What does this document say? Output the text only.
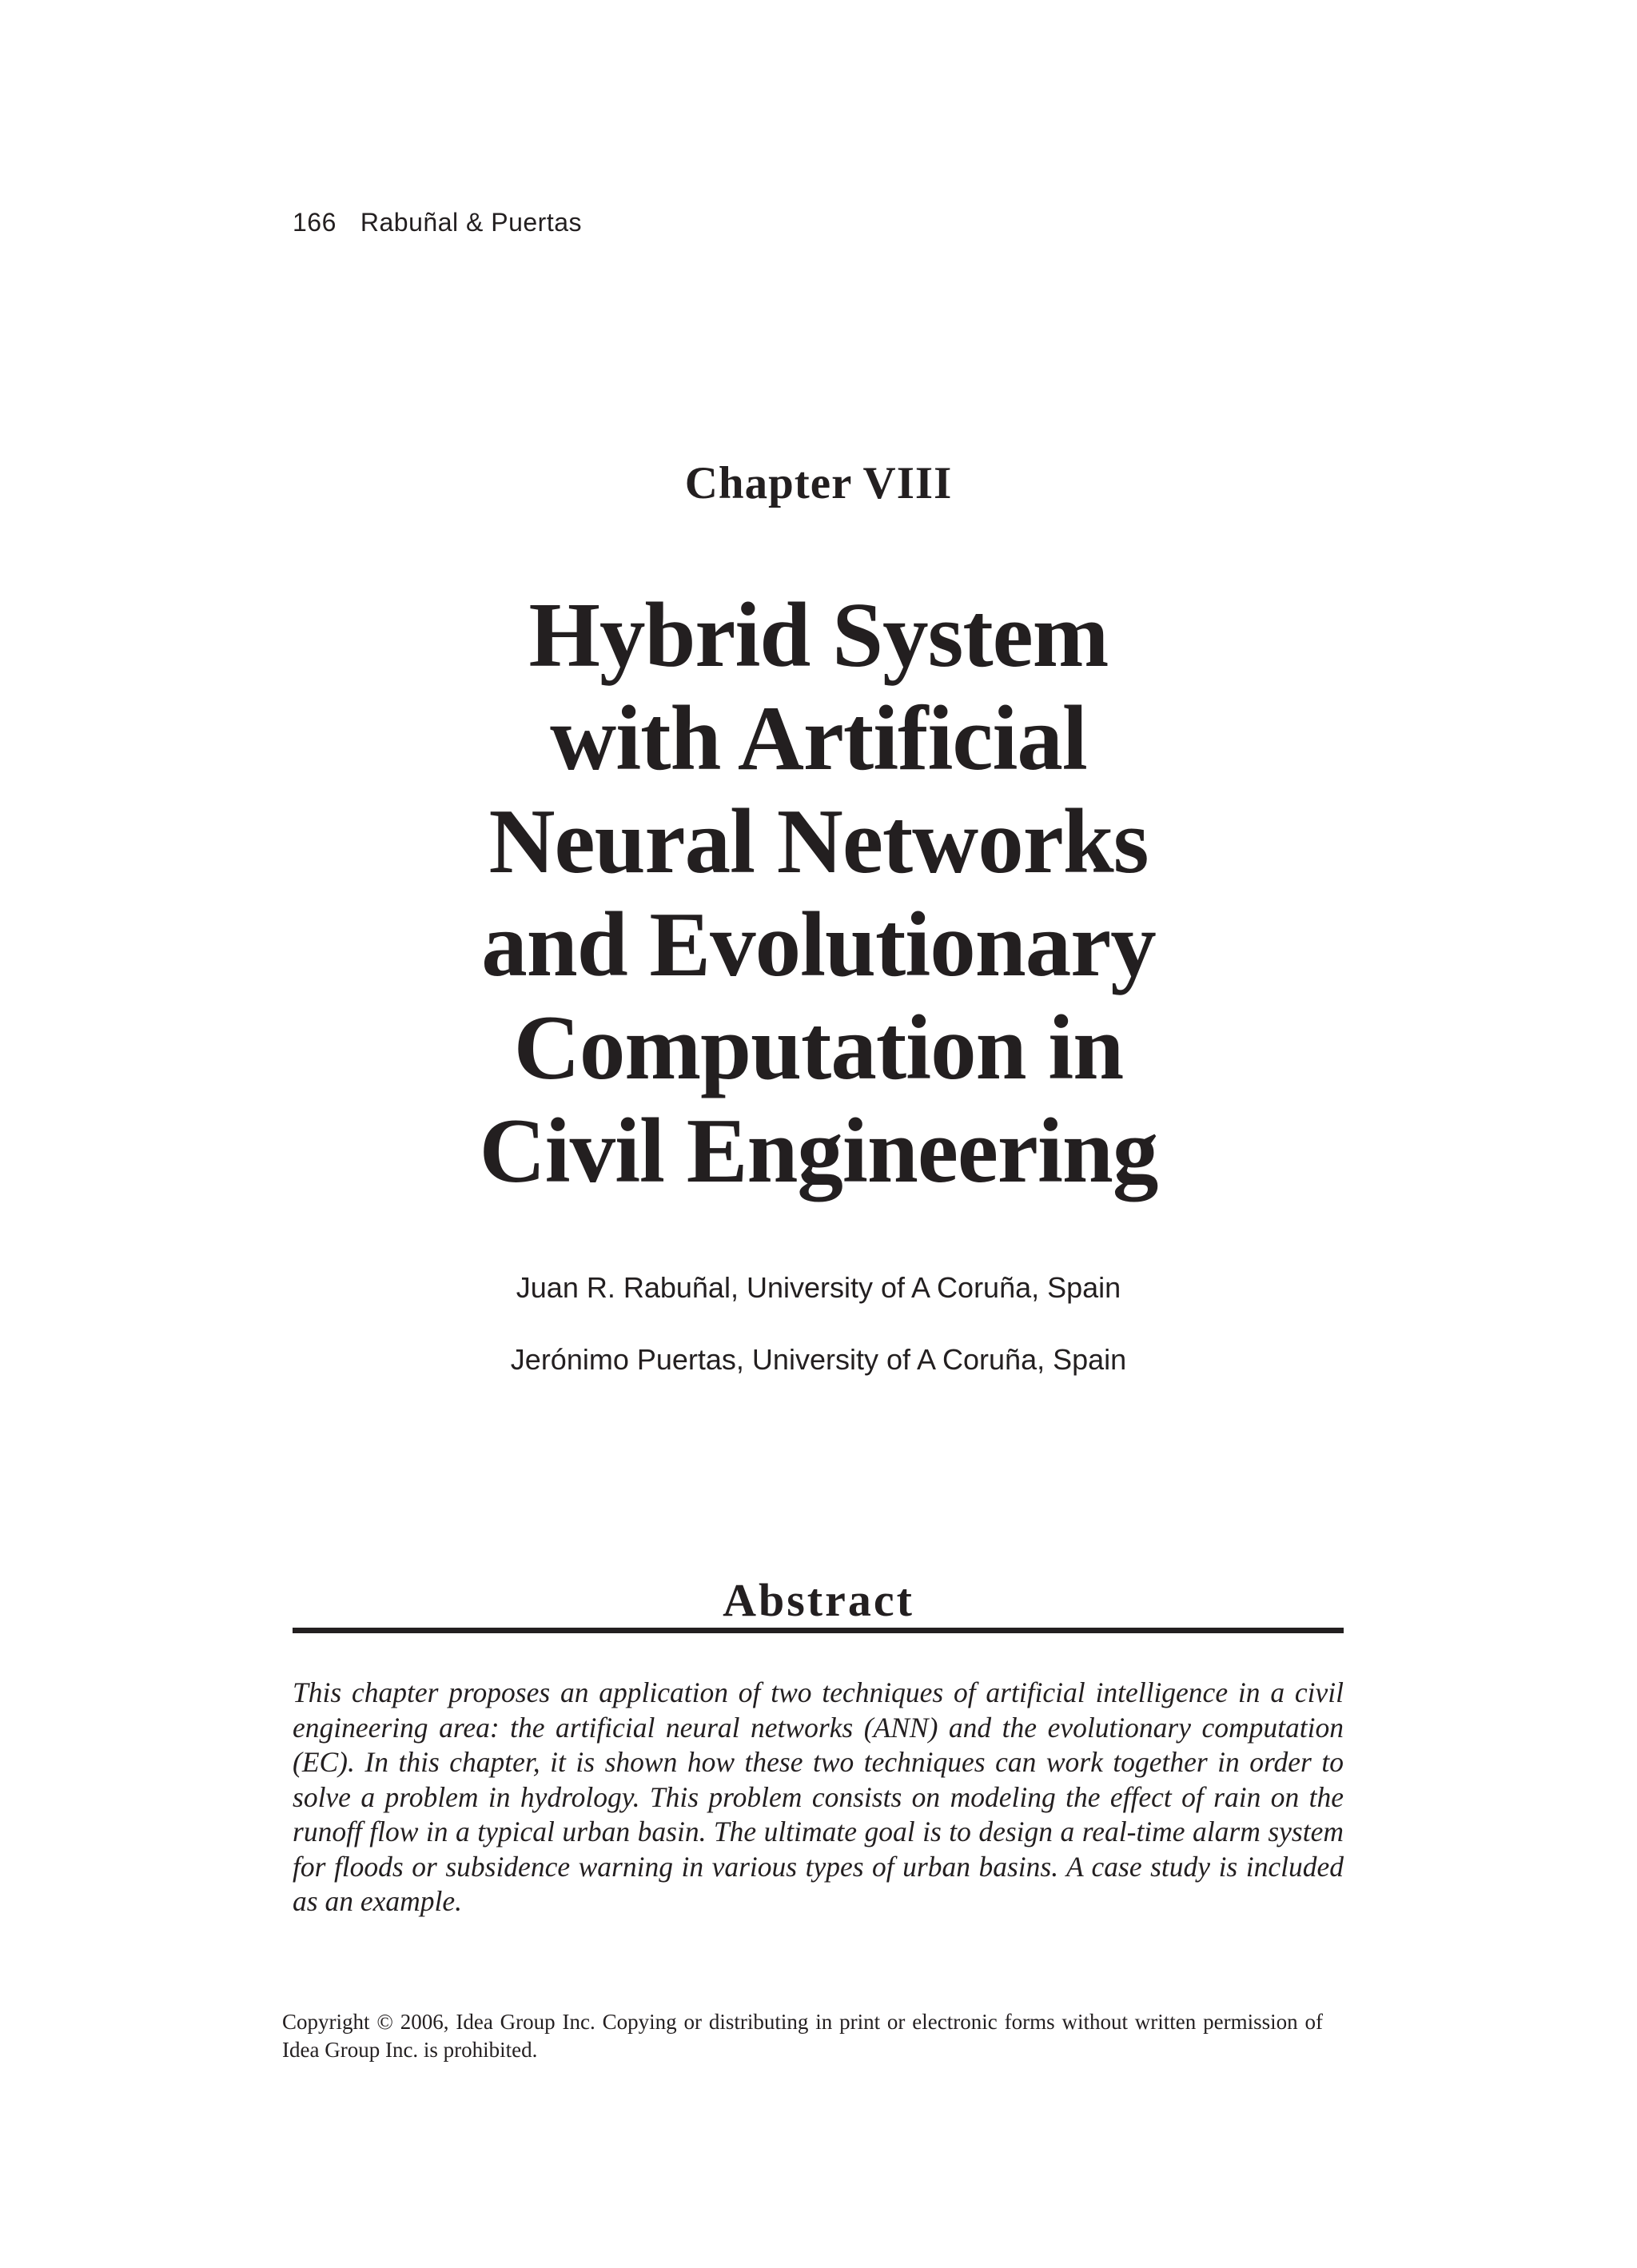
166 Rabuñal & Puertas
Chapter VIII
Hybrid System
with Artificial
Neural Networks
and Evolutionary
Computation in
Civil Engineering
Juan R. Rabuñal, University of A Coruña, Spain
Jerónimo Puertas, University of A Coruña, Spain
Abstract
This chapter proposes an application of two techniques of artificial intelligence in a civil engineering area: the artificial neural networks (ANN) and the evolutionary computation (EC). In this chapter, it is shown how these two techniques can work together in order to solve a problem in hydrology. This problem consists on modeling the effect of rain on the runoff flow in a typical urban basin. The ultimate goal is to design a real-time alarm system for floods or subsidence warning in various types of urban basins. A case study is included as an example.
Copyright © 2006, Idea Group Inc. Copying or distributing in print or electronic forms without written permission of Idea Group Inc. is prohibited.
